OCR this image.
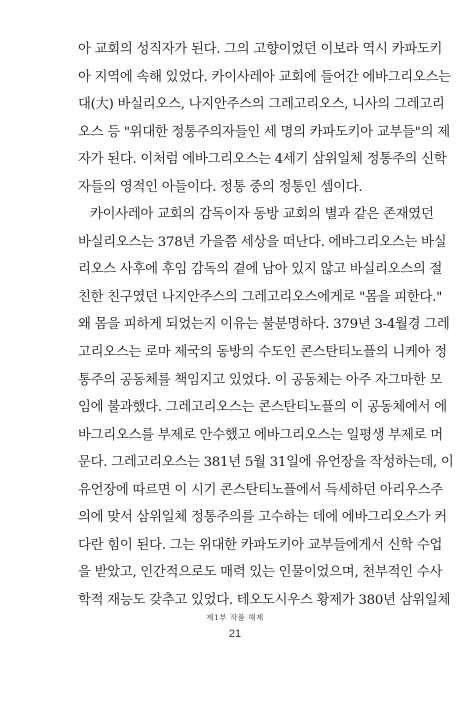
아 교회의 성직자가 된다. 그의 고향이었던 이보라 역시 카파도키
아 지역에 속해 있었다. 카이사레아 교회에 들어간 에바그리오스는
대(大) 바실리오스, 나지안주스의 그레고리오스, 니사의 그레고리
오스 등 "위대한 정통주의자들인 세 명의 카파도키아 교부들"의 제
자가 된다. 이처럼 에바그리오스는 4세기 삼위일체 정통주의 신학
자들의 영적인 아들이다. 정통 중의 정통인 셈이다.
카이사레아 교회의 감독이자 동방 교회의 별과 같은 존재였던
바실리오스는 378년 가을쯤 세상을 떠난다. 에바그리오스는 바실
리오스 사후에 후임 감독의 곁에 남아 있지 않고 바실리오스의 절
친한 친구였던 나지안주스의 그레고리오스에게로 "몸을 피한다."
왜 몸을 피하게 되었는지 이유는 불분명하다. 379년 3-4월경 그레
고리오스는 로마 제국의 동방의 수도인 콘스탄티노플의 니케아 정
통주의 공동체를 책임지고 있었다. 이 공동체는 아주 자그마한 모
임에 불과했다. 그레고리오스는 콘스탄티노플의 이 공동체에서 에
바그리오스를 부제로 안수했고 에바그리오스는 일평생 부제로 머
문다. 그레고리오스는 381년 5월 31일에 유언장을 작성하는데, 이
유언장에 따르면 이 시기 콘스탄티노플에서 득세하던 아리우스주
의에 맞서 삼위일체 정통주의를 고수하는 데에 에바그리오스가 커
다란 힘이 된다. 그는 위대한 카파도키아 교부들에게서 신학 수업
을 받았고, 인간적으로도 매력 있는 인물이었으며, 천부적인 수사
학적 재능도 갖추고 있었다. 테오도시우스 황제가 380년 삼위일체
제1부 작품 해제
21
